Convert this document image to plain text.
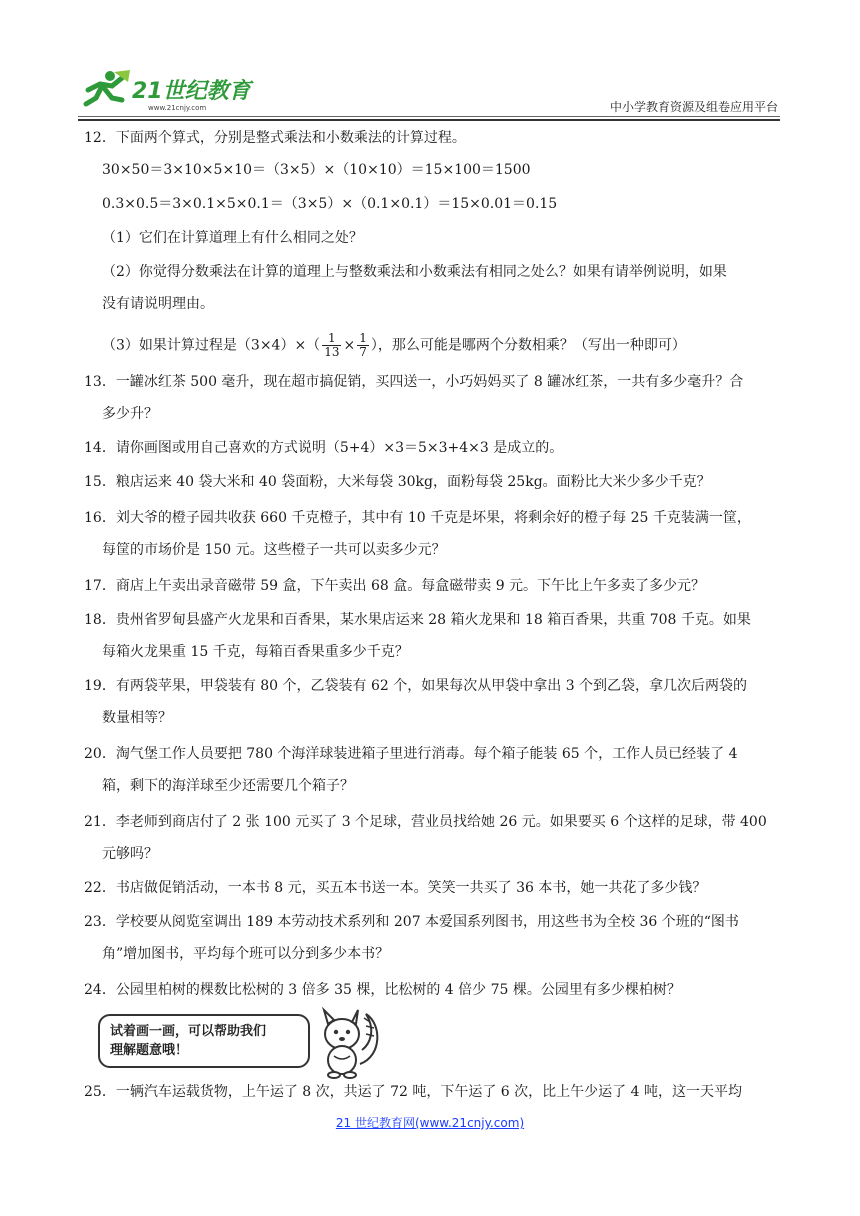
21世纪教育
www.21cnjy.com	中小学教育资源及组卷应用平台
12．下面两个算式，分别是整式乘法和小数乘法的计算过程。
30×50＝3×10×5×10＝（3×5）×（10×10）＝15×100＝1500
0.3×0.5＝3×0.1×5×0.1＝（3×5）×（0.1×0.1）＝15×0.01＝0.15
（1）它们在计算道理上有什么相同之处？
（2）你觉得分数乘法在计算的道理上与整数乘法和小数乘法有相同之处么？如果有请举例说明，如果
没有请说明理由。
（3）如果计算过程是$(3\times 4)\times( \frac{1}{13} \times \frac{1}{7}$ ），那么可能是哪两个分数相乘？（写出一种即可）
13．一罐冰红茶 500 毫升，现在超市搞促销，买四送一，小巧妈妈买了 8 罐冰红茶，一共有多少毫升？合
多少升？
14．请你画图或用自己喜欢的方式说明（5+4）×3＝5×3+4×3 是成立的。
15．粮店运来 40 袋大米和 40 袋面粉，大米每袋 30kg，面粉每袋 25kg。面粉比大米少多少千克？
16．刘大爷的橙子园共收获 660 千克橙子，其中有 10 千克是坏果，将剩余好的橙子每 25 千克装满一筐，
每筐的市场价是 150 元。这些橙子一共可以卖多少元？
17．商店上午卖出录音磁带 59 盒，下午卖出 68 盒。每盒磁带卖 9 元。下午比上午多卖了多少元？
18．贵州省罗甸县盛产火龙果和百香果，某水果店运来 28 箱火龙果和 18 箱百香果，共重 708 千克。如果
每箱火龙果重 15 千克，每箱百香果重多少千克？
19．有两袋苹果，甲袋装有 80 个，乙袋装有 62 个，如果每次从甲袋中拿出 3 个到乙袋，拿几次后两袋的
数量相等？
20．淘气堡工作人员要把 780 个海洋球装进箱子里进行消毒。每个箱子能装 65 个，工作人员已经装了 4
箱，剩下的海洋球至少还需要几个箱子？
21．李老师到商店付了 2 张 100 元买了 3 个足球，营业员找给她 26 元。如果要买 6 个这样的足球，带 400
元够吗？
22．书店做促销活动，一本书 8 元，买五本书送一本。笑笑一共买了 36 本书，她一共花了多少钱？
23．学校要从阅览室调出 189 本劳动技术系列和 207 本爱国系列图书，用这些书为全校 36 个班的“图书
角”增加图书，平均每个班可以分到多少本书？
24．公园里柏树的棵数比松树的 3 倍多 35 棵，比松树的 4 倍少 75 棵。公园里有多少棵柏树？
试着画一画，可以帮助我们
理解题意哦！
25．一辆汽车运载货物，上午运了 8 次，共运了 72 吨，下午运了 6 次，比上午少运了 4 吨，这一天平均
21 世纪教育网(www.21cnjy.com)
